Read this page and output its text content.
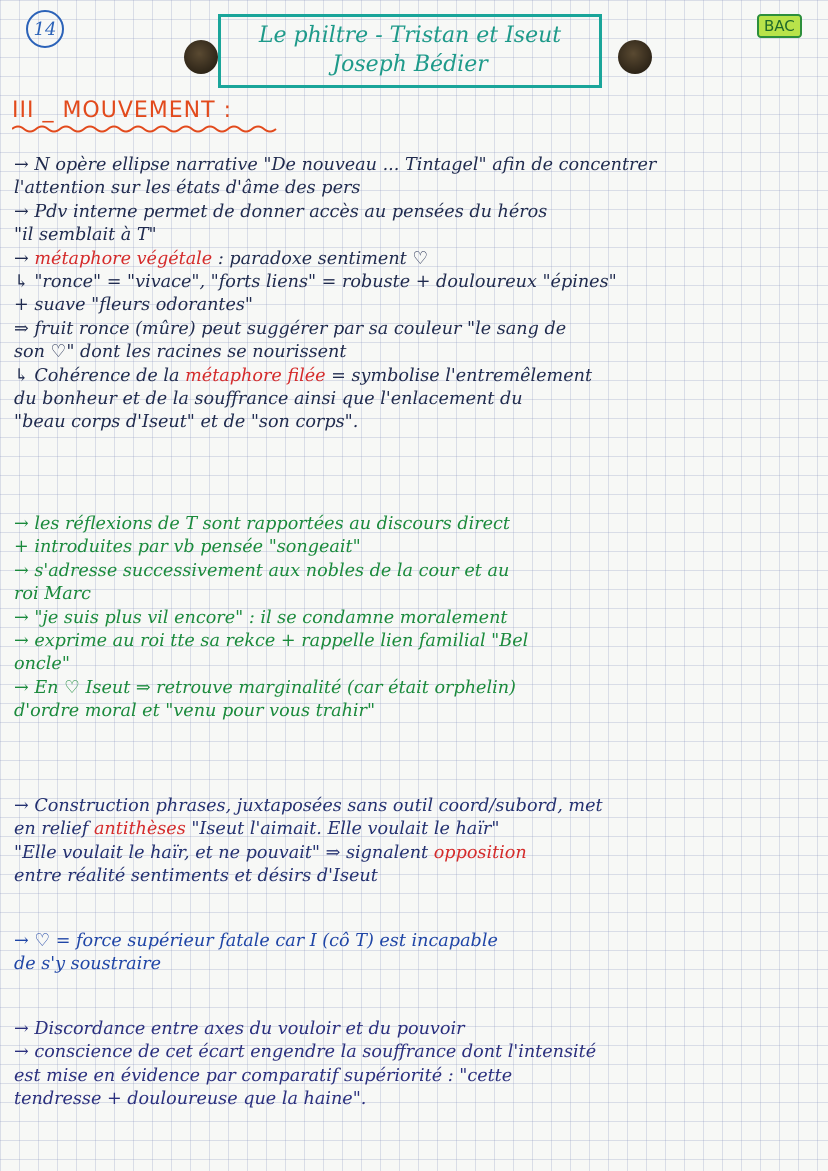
14	Le philtre - Tristan et Iseut
Joseph Bédier
BAC
III _ MOUVEMENT :
→ N opère ellipse narrative "De nouveau ... Tintagel" afin de concentrer
l'attention sur les états d'âme des pers
→ Pdv interne permet de donner accès au pensées du héros
"il semblait à T"
→ métaphore végétale : paradoxe sentiment ♡
↳ "ronce" = "vivace", "forts liens" = robuste + douloureux "épines"
+ suave "fleurs odorantes"
⇒ fruit ronce (mûre) peut suggérer par sa couleur "le sang de
son ♡" dont les racines se nourissent
↳ Cohérence de la métaphore filée = symbolise l'entremêlement
du bonheur et de la souffrance ainsi que l'enlacement du
"beau corps d'Iseut" et de "son corps".
→ les réflexions de T sont rapportées au discours direct
+ introduites par vb pensée "songeait"
→ s'adresse successivement aux nobles de la cour et au
roi Marc
→ "je suis plus vil encore" : il se condamne moralement
→ exprime au roi tte sa rekce + rappelle lien familial "Bel
oncle"
→ En ♡ Iseut ⇒ retrouve marginalité (car était orphelin)
d'ordre moral et "venu pour vous trahir"
→ Construction phrases, juxtaposées sans outil coord/subord, met
en relief antithèses "Iseut l'aimait. Elle voulait le haïr"
"Elle voulait le haïr, et ne pouvait" ⇒ signalent opposition
entre réalité sentiments et désirs d'Iseut
→ ♡ = force supérieur fatale car I (cô T) est incapable
de s'y soustraire
→ Discordance entre axes du vouloir et du pouvoir
→ conscience de cet écart engendre la souffrance dont l'intensité
est mise en évidence par comparatif supériorité : "cette
tendresse + douloureuse que la haine".
